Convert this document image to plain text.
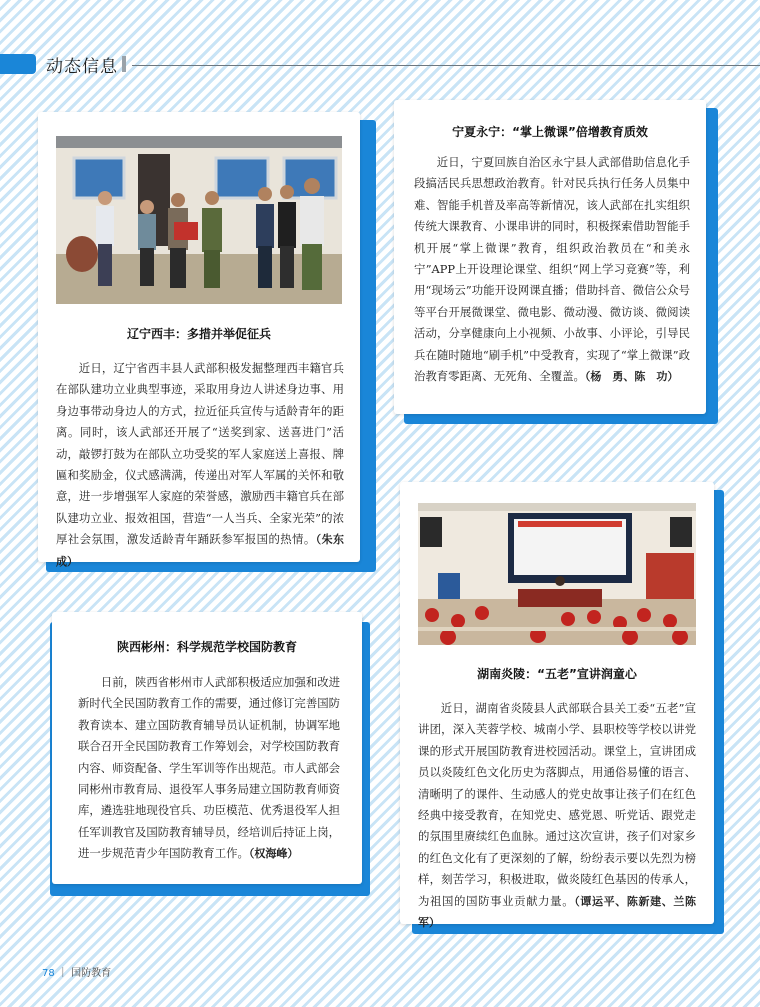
动态信息
辽宁西丰：多措并举促征兵

近日，辽宁省西丰县人武部积极发掘整理西丰籍官兵在部队建功立业典型事迹，采取用身边人讲述身边事、用身边事带动身边人的方式，拉近征兵宣传与适龄青年的距离。同时，该人武部还开展了“送奖到家、送喜进门”活动，敲锣打鼓为在部队立功受奖的军人家庭送上喜报、牌匾和奖励金，仪式感满满，传递出对军人军属的关怀和敬意，进一步增强军人家庭的荣誉感，激励西丰籍官兵在部队建功立业、报效祖国，营造“一人当兵、全家光荣”的浓厚社会氛围，激发适龄青年踊跃参军报国的热情。（朱东成）

宁夏永宁：“掌上微课”倍增教育质效

近日，宁夏回族自治区永宁县人武部借助信息化手段搞活民兵思想政治教育。针对民兵执行任务人员集中难、智能手机普及率高等新情况，该人武部在扎实组织传统大课教育、小课串讲的同时，积极探索借助智能手机开展“掌上微课”教育，组织政治教员在“和美永宁”APP上开设理论课堂、组织“网上学习竞赛”等，利用“现场云”功能开设网课直播；借助抖音、微信公众号等平台开展微课堂、微电影、微动漫、微访谈、微阅读活动，分享健康向上小视频、小故事、小评论，引导民兵在随时随地“刷手机”中受教育，实现了“掌上微课”政治教育零距离、无死角、全覆盖。（杨　勇、陈　功）

陕西彬州：科学规范学校国防教育

日前，陕西省彬州市人武部积极适应加强和改进新时代全民国防教育工作的需要，通过修订完善国防教育读本、建立国防教育辅导员认证机制，协调军地联合召开全民国防教育工作筹划会，对学校国防教育内容、师资配备、学生军训等作出规范。市人武部会同彬州市教育局、退役军人事务局建立国防教育师资库，遴选驻地现役官兵、功臣模范、优秀退役军人担任军训教官及国防教育辅导员，经培训后持证上岗，进一步规范青少年国防教育工作。（权海峰）

湖南炎陵：“五老”宣讲润童心

近日，湖南省炎陵县人武部联合县关工委“五老”宣讲团，深入芙蓉学校、城南小学、县职校等学校以讲党课的形式开展国防教育进校园活动。课堂上，宣讲团成员以炎陵红色文化历史为落脚点，用通俗易懂的语言、清晰明了的课件、生动感人的党史故事让孩子们在红色经典中接受教育，在知党史、感党恩、听党话、跟党走的氛围里赓续红色血脉。通过这次宣讲，孩子们对家乡的红色文化有了更深刻的了解，纷纷表示要以先烈为榜样，刻苦学习，积极进取，做炎陵红色基因的传承人，为祖国的国防事业贡献力量。（谭运平、陈新建、兰陈军）

78 ｜ 国防教育
